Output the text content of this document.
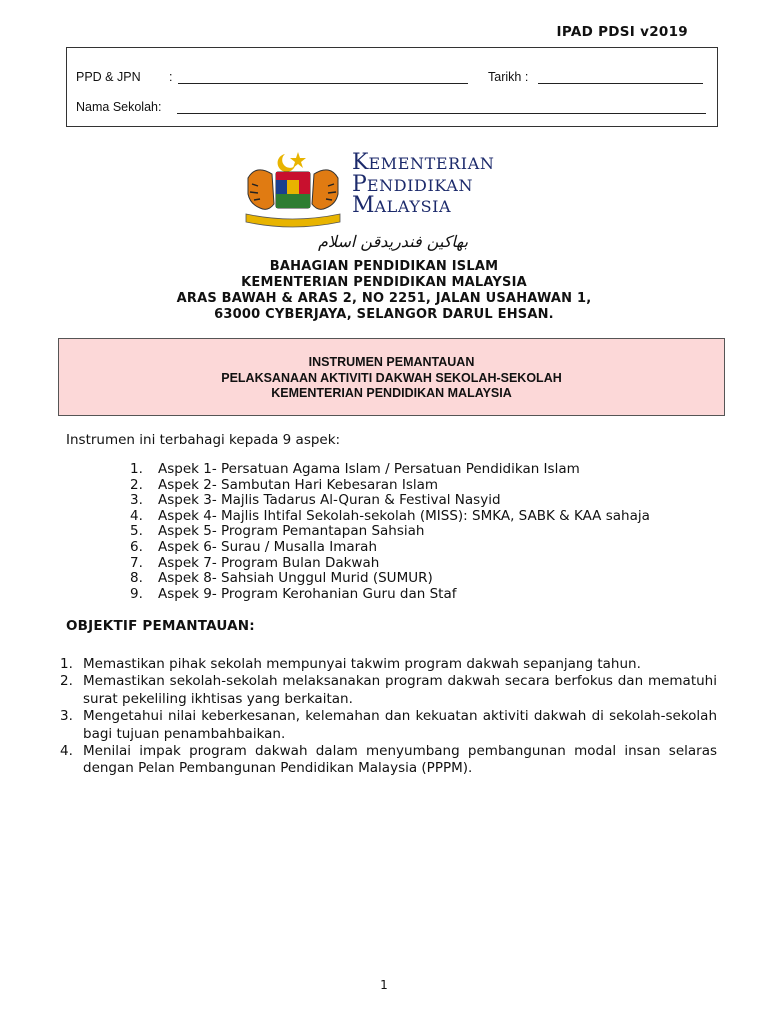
IPAD PDSI v2019
PPD & JPN :	Tarikh :
Nama Sekolah:
KEMENTERIAN
PENDIDIKAN
MALAYSIA
بهاكين فندريدقن اسلام
BAHAGIAN PENDIDIKAN ISLAM
KEMENTERIAN PENDIDIKAN MALAYSIA
ARAS BAWAH & ARAS 2, NO 2251, JALAN USAHAWAN 1,
63000 CYBERJAYA, SELANGOR DARUL EHSAN.
INSTRUMEN PEMANTAUAN
PELAKSANAAN AKTIVITI DAKWAH SEKOLAH-SEKOLAH
KEMENTERIAN PENDIDIKAN MALAYSIA
Instrumen ini terbahagi kepada 9 aspek:
1. Aspek 1- Persatuan Agama Islam / Persatuan Pendidikan Islam
2. Aspek 2- Sambutan Hari Kebesaran Islam
3. Aspek 3- Majlis Tadarus Al-Quran & Festival Nasyid
4. Aspek 4- Majlis Ihtifal Sekolah-sekolah (MISS): SMKA, SABK & KAA sahaja
5. Aspek 5- Program Pemantapan Sahsiah
6. Aspek 6- Surau / Musalla Imarah
7. Aspek 7- Program Bulan Dakwah
8. Aspek 8- Sahsiah Unggul Murid (SUMUR)
9. Aspek 9- Program Kerohanian Guru dan Staf
OBJEKTIF PEMANTAUAN:
1. Memastikan pihak sekolah mempunyai takwim program dakwah sepanjang tahun.
2. Memastikan sekolah-sekolah melaksanakan program dakwah secara berfokus dan mematuhi surat pekeliling ikhtisas yang berkaitan.
3. Mengetahui nilai keberkesanan, kelemahan dan kekuatan aktiviti dakwah di sekolah-sekolah bagi tujuan penambahbaikan.
4. Menilai impak program dakwah dalam menyumbang pembangunan modal insan selaras dengan Pelan Pembangunan Pendidikan Malaysia (PPPM).
1
